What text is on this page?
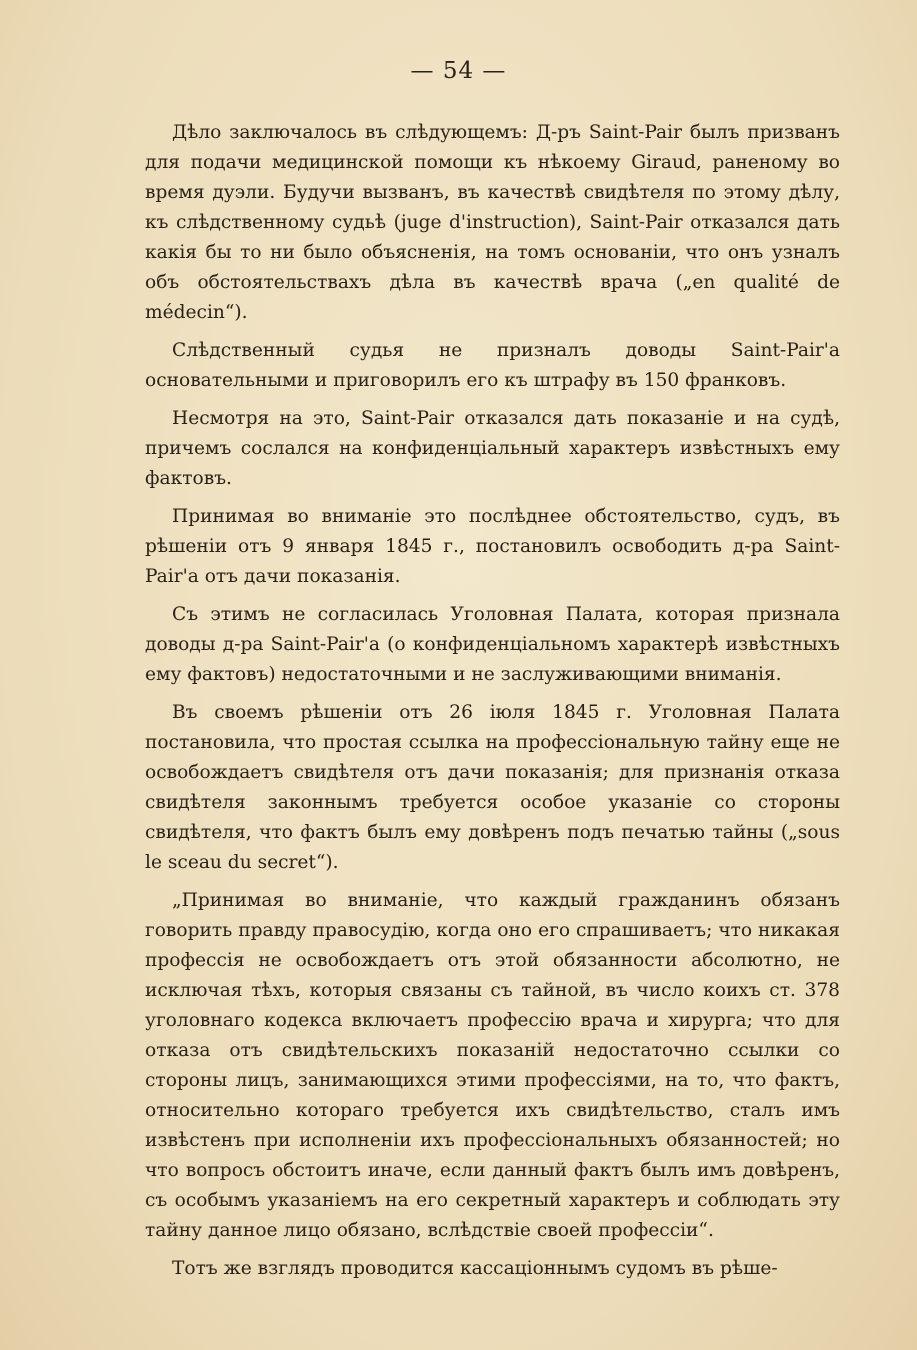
— 54 —

Дѣло заключалось въ слѣдующемъ: Д-ръ Saint-Pair былъ призванъ для подачи медицинской помощи къ нѣкоему Giraud, раненому во время дуэли. Будучи вызванъ, въ качествѣ свидѣтеля по этому дѣлу, къ слѣдственному судьѣ (juge d'instruction), Saint-Pair отказался дать какія бы то ни было объясненія, на томъ основаніи, что онъ узналъ объ обстоятельствахъ дѣла въ качествѣ врача („en qualité de médecin“).

Слѣдственный судья не призналъ доводы Saint-Pair'а основательными и приговорилъ его къ штрафу въ 150 франковъ.

Несмотря на это, Saint-Pair отказался дать показаніе и на судѣ, причемъ сослался на конфиденціальный характеръ извѣстныхъ ему фактовъ.

Принимая во вниманіе это послѣднее обстоятельство, судъ, въ рѣшеніи отъ 9 января 1845 г., постановилъ освободить д-ра Saint-Pair'а отъ дачи показанія.

Съ этимъ не согласилась Уголовная Палата, которая признала доводы д-ра Saint-Pair'а (о конфиденціальномъ характерѣ извѣстныхъ ему фактовъ) недостаточными и не заслуживающими вниманія.

Въ своемъ рѣшеніи отъ 26 іюля 1845 г. Уголовная Палата постановила, что простая ссылка на профессіональную тайну еще не освобождаетъ свидѣтеля отъ дачи показанія; для признанія отказа свидѣтеля законнымъ требуется особое указаніе со стороны свидѣтеля, что фактъ былъ ему довѣренъ подъ печатью тайны („sous le sceau du secret“).

„Принимая во вниманіе, что каждый гражданинъ обязанъ говорить правду правосудію, когда оно его спрашиваетъ; что никакая профессія не освобождаетъ отъ этой обязанности абсолютно, не исключая тѣхъ, которыя связаны съ тайной, въ число коихъ ст. 378 уголовнаго кодекса включаетъ профессію врача и хирурга; что для отказа отъ свидѣтельскихъ показаній недостаточно ссылки со стороны лицъ, занимающихся этими профессіями, на то, что фактъ, относительно котораго требуется ихъ свидѣтельство, сталъ имъ извѣстенъ при исполненіи ихъ профессіональныхъ обязанностей; но что вопросъ обстоитъ иначе, если данный фактъ былъ имъ довѣренъ, съ особымъ указаніемъ на его секретный характеръ и соблюдать эту тайну данное лицо обязано, вслѣдствіе своей профессіи“.

Тотъ же взглядъ проводится кассаціоннымъ судомъ въ рѣше-
